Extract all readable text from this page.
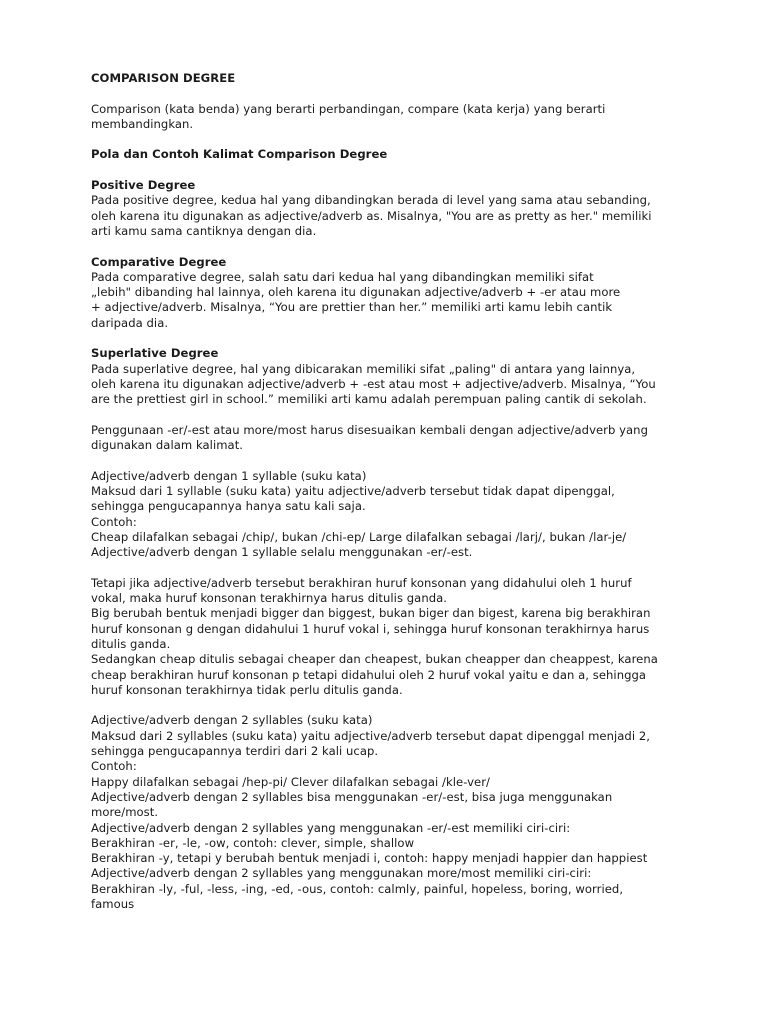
COMPARISON DEGREE
Comparison (kata benda) yang berarti perbandingan, compare (kata kerja) yang berarti
membandingkan.
Pola dan Contoh Kalimat Comparison Degree
Positive Degree
Pada positive degree, kedua hal yang dibandingkan berada di level yang sama atau sebanding,
oleh karena itu digunakan as adjective/adverb as. Misalnya, "You are as pretty as her." memiliki
arti kamu sama cantiknya dengan dia.
Comparative Degree
Pada comparative degree, salah satu dari kedua hal yang dibandingkan memiliki sifat
„lebih" dibanding hal lainnya, oleh karena itu digunakan adjective/adverb + -er atau more
+ adjective/adverb. Misalnya, “You are prettier than her.” memiliki arti kamu lebih cantik
daripada dia.
Superlative Degree
Pada superlative degree, hal yang dibicarakan memiliki sifat „paling" di antara yang lainnya,
oleh karena itu digunakan adjective/adverb + -est atau most + adjective/adverb. Misalnya, “You
are the prettiest girl in school.” memiliki arti kamu adalah perempuan paling cantik di sekolah.
Penggunaan -er/-est atau more/most harus disesuaikan kembali dengan adjective/adverb yang
digunakan dalam kalimat.
Adjective/adverb dengan 1 syllable (suku kata)
Maksud dari 1 syllable (suku kata) yaitu adjective/adverb tersebut tidak dapat dipenggal,
sehingga pengucapannya hanya satu kali saja.
Contoh:
Cheap dilafalkan sebagai /chip/, bukan /chi-ep/ Large dilafalkan sebagai /larj/, bukan /lar-je/
Adjective/adverb dengan 1 syllable selalu menggunakan -er/-est.
Tetapi jika adjective/adverb tersebut berakhiran huruf konsonan yang didahului oleh 1 huruf
vokal, maka huruf konsonan terakhirnya harus ditulis ganda.
Big berubah bentuk menjadi bigger dan biggest, bukan biger dan bigest, karena big berakhiran
huruf konsonan g dengan didahului 1 huruf vokal i, sehingga huruf konsonan terakhirnya harus
ditulis ganda.
Sedangkan cheap ditulis sebagai cheaper dan cheapest, bukan cheapper dan cheappest, karena
cheap berakhiran huruf konsonan p tetapi didahului oleh 2 huruf vokal yaitu e dan a, sehingga
huruf konsonan terakhirnya tidak perlu ditulis ganda.
Adjective/adverb dengan 2 syllables (suku kata)
Maksud dari 2 syllables (suku kata) yaitu adjective/adverb tersebut dapat dipenggal menjadi 2,
sehingga pengucapannya terdiri dari 2 kali ucap.
Contoh:
Happy dilafalkan sebagai /hep-pi/ Clever dilafalkan sebagai /kle-ver/
Adjective/adverb dengan 2 syllables bisa menggunakan -er/-est, bisa juga menggunakan
more/most.
Adjective/adverb dengan 2 syllables yang menggunakan -er/-est memiliki ciri-ciri:
Berakhiran -er, -le, -ow, contoh: clever, simple, shallow
Berakhiran -y, tetapi y berubah bentuk menjadi i, contoh: happy menjadi happier dan happiest
Adjective/adverb dengan 2 syllables yang menggunakan more/most memiliki ciri-ciri:
Berakhiran -ly, -ful, -less, -ing, -ed, -ous, contoh: calmly, painful, hopeless, boring, worried,
famous
